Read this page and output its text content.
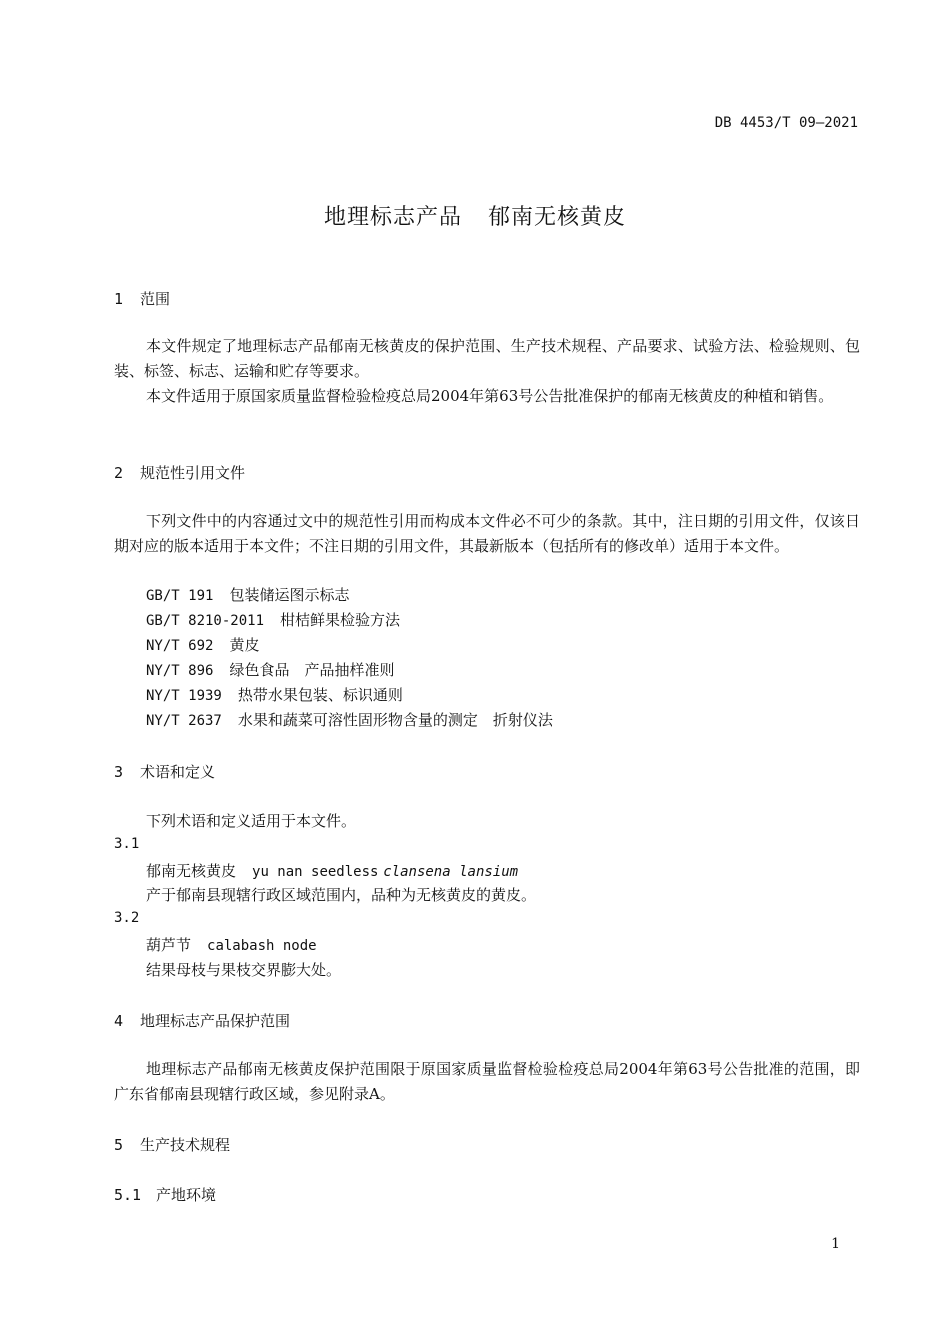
DB 4453/T 09—2021
地理标志产品 郁南无核黄皮
1 范围
本文件规定了地理标志产品郁南无核黄皮的保护范围、生产技术规程、产品要求、试验方法、检验规则、包装、标签、标志、运输和贮存等要求。
本文件适用于原国家质量监督检验检疫总局2004年第63号公告批准保护的郁南无核黄皮的种植和销售。
2 规范性引用文件
下列文件中的内容通过文中的规范性引用而构成本文件必不可少的条款。其中，注日期的引用文件，仅该日期对应的版本适用于本文件；不注日期的引用文件，其最新版本（包括所有的修改单）适用于本文件。
GB/T 191 包装储运图示标志
GB/T 8210-2011 柑桔鲜果检验方法
NY/T 692 黄皮
NY/T 896 绿色食品　产品抽样准则
NY/T 1939 热带水果包装、标识通则
NY/T 2637 水果和蔬菜可溶性固形物含量的测定　折射仪法
3 术语和定义
下列术语和定义适用于本文件。
3.1
郁南无核黄皮 yu nan seedless clansena lansium
产于郁南县现辖行政区域范围内，品种为无核黄皮的黄皮。
3.2
葫芦节 calabash node
结果母枝与果枝交界膨大处。
4 地理标志产品保护范围
地理标志产品郁南无核黄皮保护范围限于原国家质量监督检验检疫总局2004年第63号公告批准的范围，即广东省郁南县现辖行政区域，参见附录A。
5 生产技术规程
5.1 产地环境
1
